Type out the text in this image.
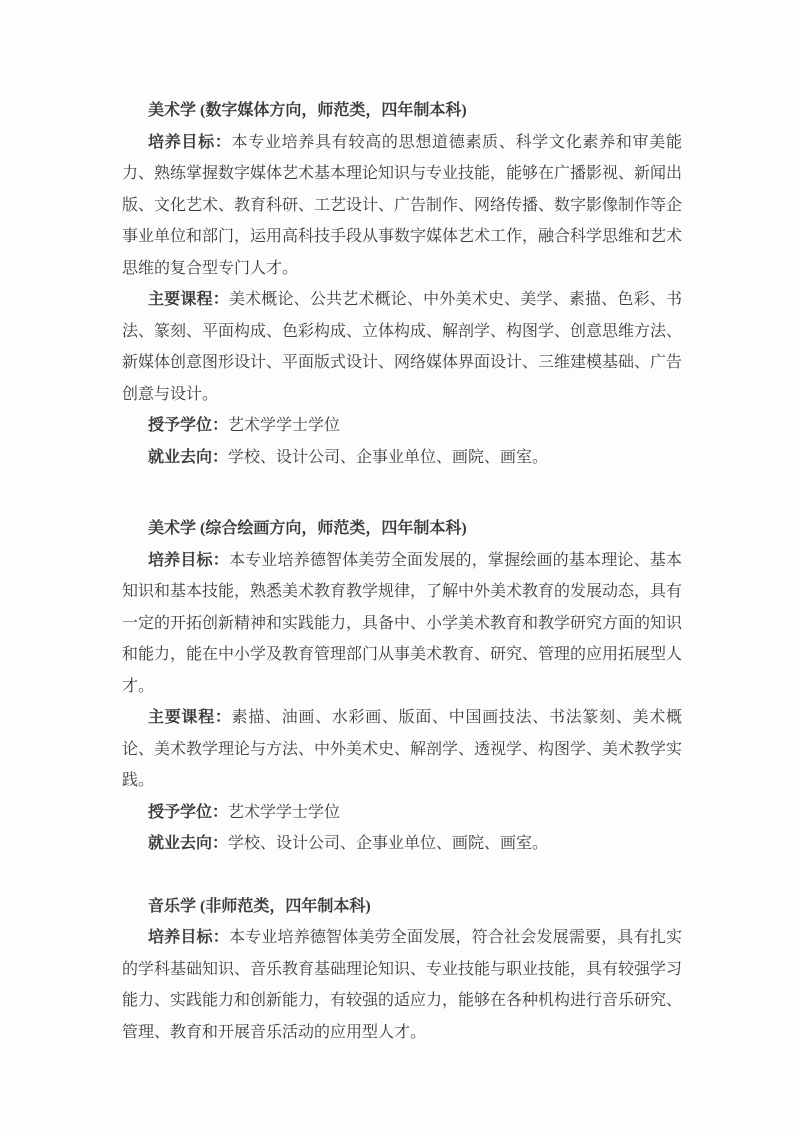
美术学 (数字媒体方向，师范类，四年制本科)

培养目标：本专业培养具有较高的思想道德素质、科学文化素养和审美能力、熟练掌握数字媒体艺术基本理论知识与专业技能，能够在广播影视、新闻出版、文化艺术、教育科研、工艺设计、广告制作、网络传播、数字影像制作等企事业单位和部门，运用高科技手段从事数字媒体艺术工作，融合科学思维和艺术思维的复合型专门人才。

主要课程：美术概论、公共艺术概论、中外美术史、美学、素描、色彩、书法、篆刻、平面构成、色彩构成、立体构成、解剖学、构图学、创意思维方法、新媒体创意图形设计、平面版式设计、网络媒体界面设计、三维建模基础、广告创意与设计。

授予学位：艺术学学士学位

就业去向：学校、设计公司、企事业单位、画院、画室。

美术学 (综合绘画方向，师范类，四年制本科)

培养目标：本专业培养德智体美劳全面发展的，掌握绘画的基本理论、基本知识和基本技能，熟悉美术教育教学规律，了解中外美术教育的发展动态，具有一定的开拓创新精神和实践能力，具备中、小学美术教育和教学研究方面的知识和能力，能在中小学及教育管理部门从事美术教育、研究、管理的应用拓展型人才。

主要课程：素描、油画、水彩画、版面、中国画技法、书法篆刻、美术概论、美术教学理论与方法、中外美术史、解剖学、透视学、构图学、美术教学实践。

授予学位：艺术学学士学位

就业去向：学校、设计公司、企事业单位、画院、画室。

音乐学 (非师范类，四年制本科)

培养目标：本专业培养德智体美劳全面发展，符合社会发展需要，具有扎实的学科基础知识、音乐教育基础理论知识、专业技能与职业技能，具有较强学习能力、实践能力和创新能力，有较强的适应力，能够在各种机构进行音乐研究、管理、教育和开展音乐活动的应用型人才。
